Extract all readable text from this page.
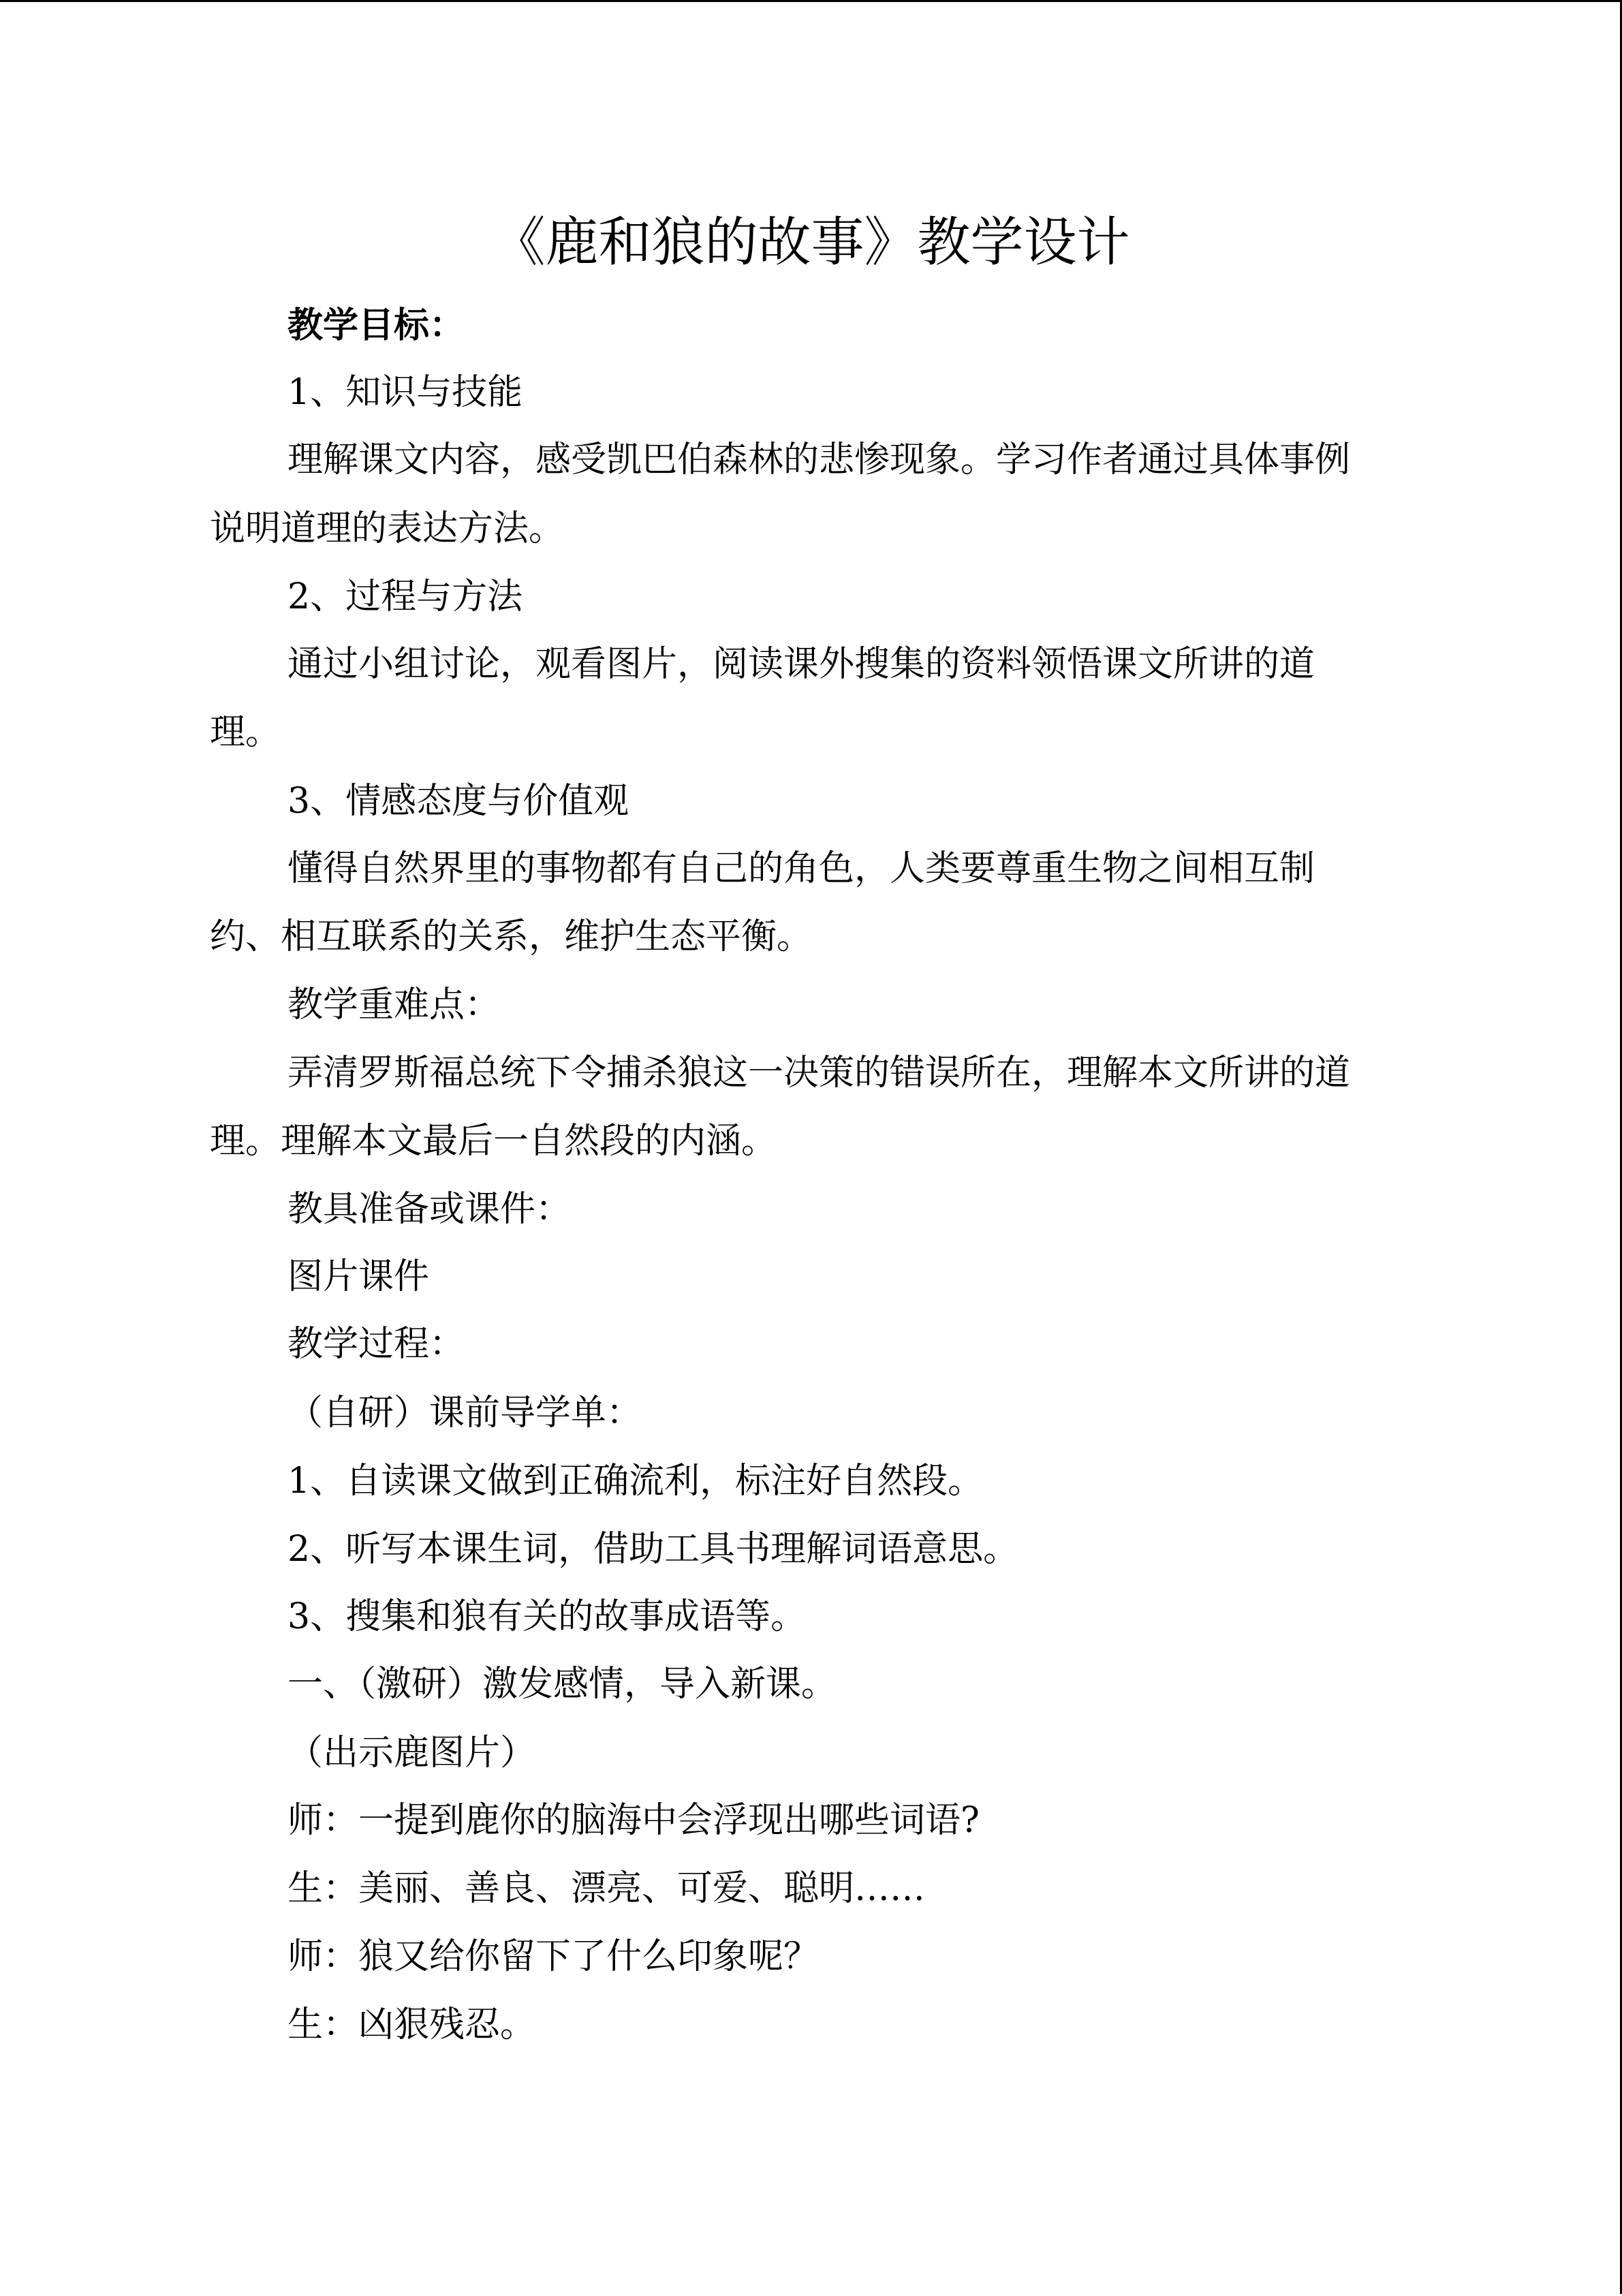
《鹿和狼的故事》教学设计
教学目标：
1、知识与技能
理解课文内容，感受凯巴伯森林的悲惨现象。学习作者通过具体事例
说明道理的表达方法。
2、过程与方法
通过小组讨论，观看图片，阅读课外搜集的资料领悟课文所讲的道
理。
3、情感态度与价值观
懂得自然界里的事物都有自己的角色，人类要尊重生物之间相互制
约、相互联系的关系，维护生态平衡。
教学重难点：
弄清罗斯福总统下令捕杀狼这一决策的错误所在，理解本文所讲的道
理。理解本文最后一自然段的内涵。
教具准备或课件：
图片课件
教学过程：
（自研）课前导学单：
1、自读课文做到正确流利，标注好自然段。
2、听写本课生词，借助工具书理解词语意思。
3、搜集和狼有关的故事成语等。
一、（激研）激发感情，导入新课。
（出示鹿图片）
师：一提到鹿你的脑海中会浮现出哪些词语?
生：美丽、善良、漂亮、可爱、聪明……
师：狼又给你留下了什么印象呢？
生：凶狠残忍。
